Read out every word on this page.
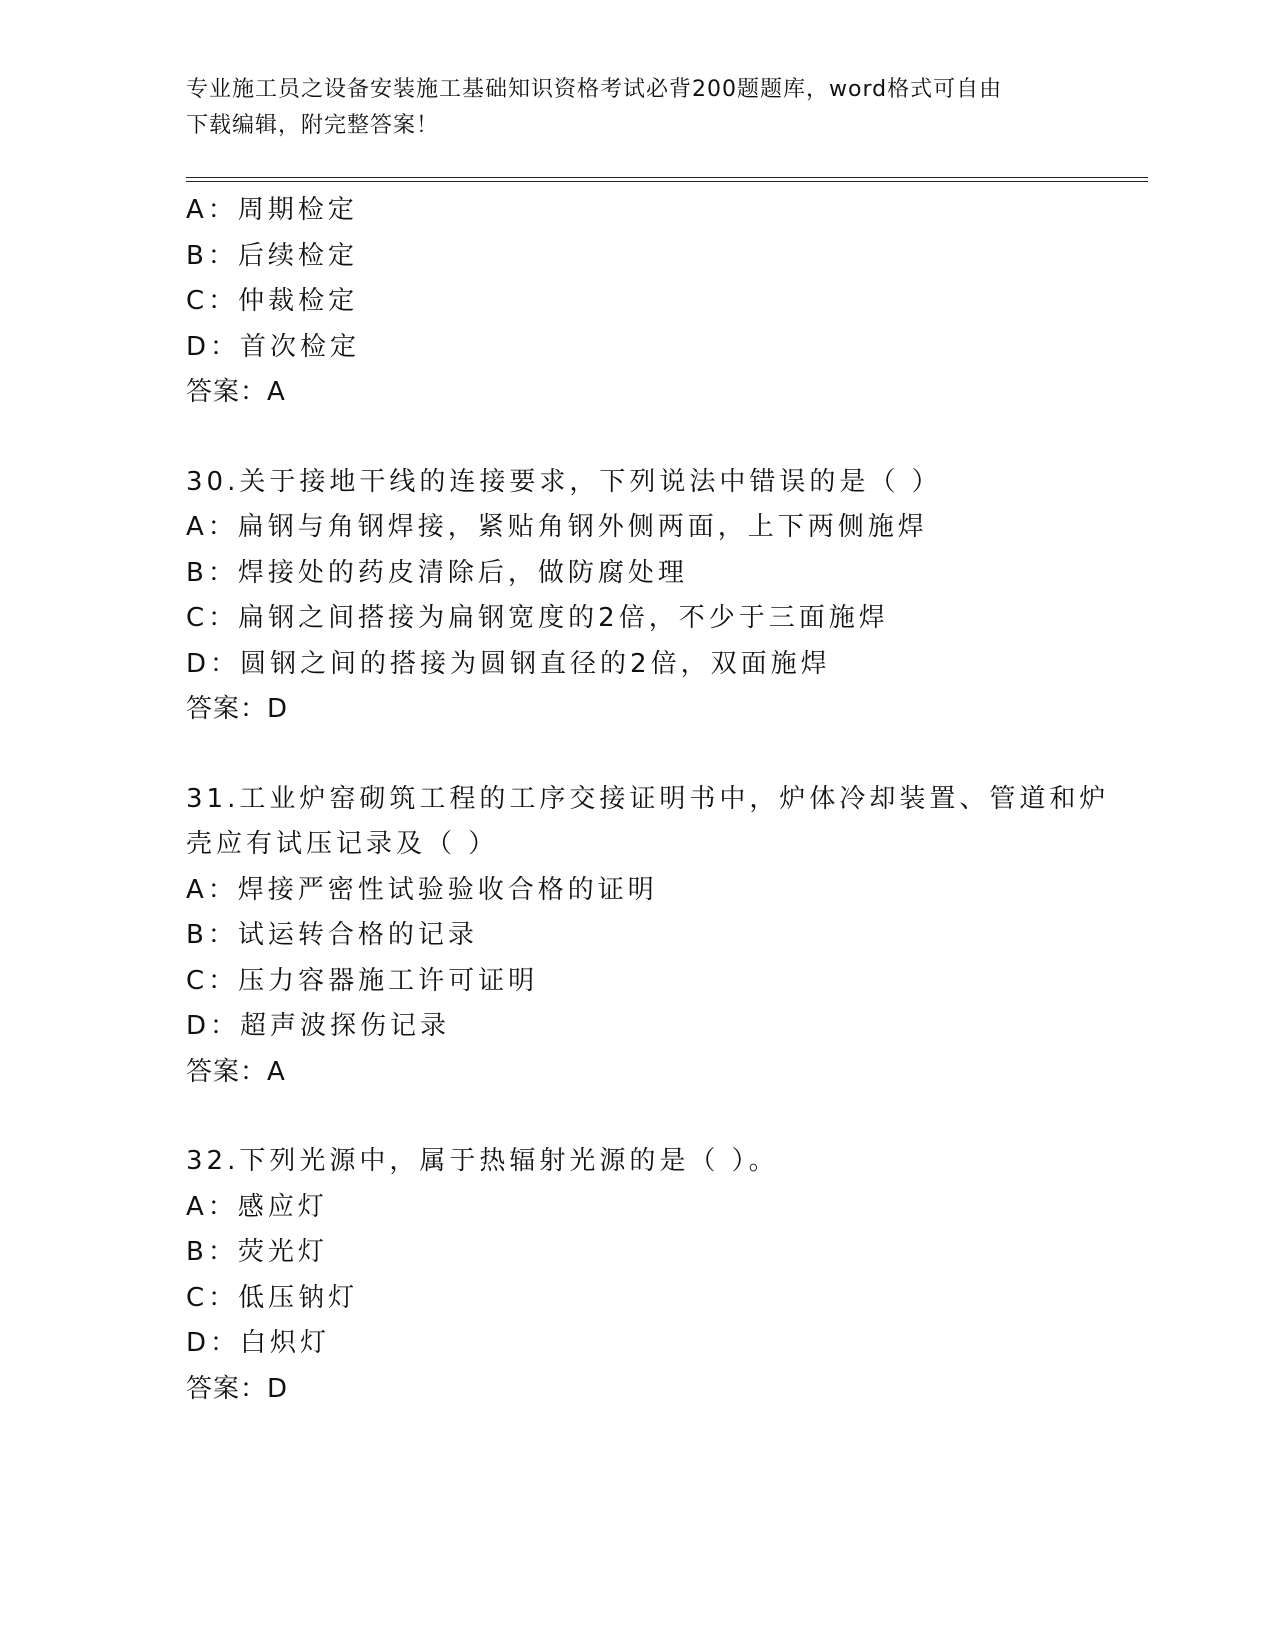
专业施工员之设备安装施工基础知识资格考试必背200题题库，word格式可自由
下载编辑，附完整答案！
A：周期检定
B：后续检定
C：仲裁检定
D：首次检定
答案：A
30.关于接地干线的连接要求，下列说法中错误的是（ ）
A：扁钢与角钢焊接，紧贴角钢外侧两面，上下两侧施焊
B：焊接处的药皮清除后，做防腐处理
C：扁钢之间搭接为扁钢宽度的2倍，不少于三面施焊
D：圆钢之间的搭接为圆钢直径的2倍，双面施焊
答案：D
31.工业炉窑砌筑工程的工序交接证明书中，炉体冷却装置、管道和炉
壳应有试压记录及（ ）
A：焊接严密性试验验收合格的证明
B：试运转合格的记录
C：压力容器施工许可证明
D：超声波探伤记录
答案：A
32.下列光源中，属于热辐射光源的是（ ）。
A：感应灯
B：荧光灯
C：低压钠灯
D：白炽灯
答案：D
